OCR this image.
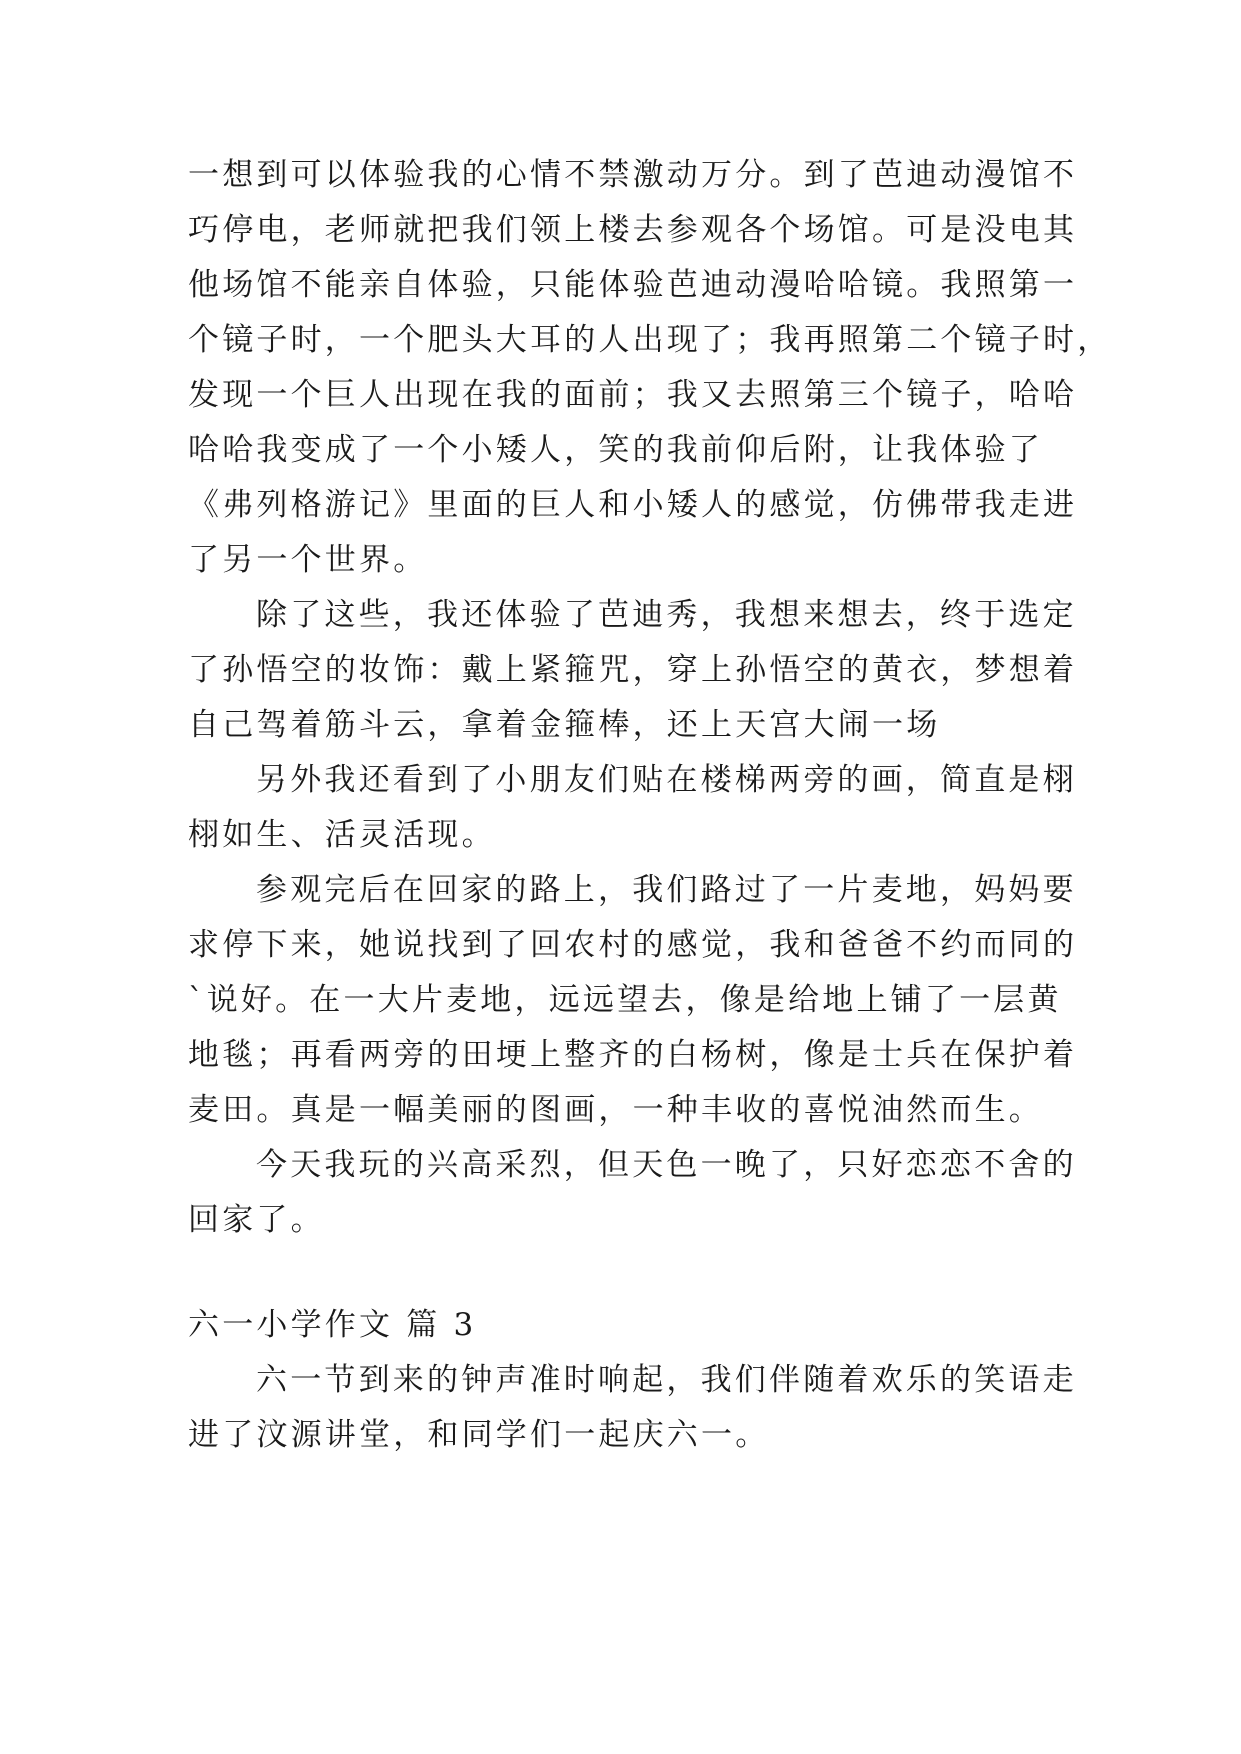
一想到可以体验我的心情不禁激动万分。到了芭迪动漫馆不
巧停电，老师就把我们领上楼去参观各个场馆。可是没电其
他场馆不能亲自体验，只能体验芭迪动漫哈哈镜。我照第一
个镜子时，一个肥头大耳的人出现了；我再照第二个镜子时，
发现一个巨人出现在我的面前；我又去照第三个镜子，哈哈
哈哈我变成了一个小矮人，笑的我前仰后附，让我体验了
《弗列格游记》里面的巨人和小矮人的感觉，仿佛带我走进
了另一个世界。
除了这些，我还体验了芭迪秀，我想来想去，终于选定
了孙悟空的妆饰：戴上紧箍咒，穿上孙悟空的黄衣，梦想着
自己驾着筋斗云，拿着金箍棒，还上天宫大闹一场
另外我还看到了小朋友们贴在楼梯两旁的画，简直是栩
栩如生、活灵活现。
参观完后在回家的路上，我们路过了一片麦地，妈妈要
求停下来，她说找到了回农村的感觉，我和爸爸不约而同的
`说好。在一大片麦地，远远望去，像是给地上铺了一层黄
地毯；再看两旁的田埂上整齐的白杨树，像是士兵在保护着
麦田。真是一幅美丽的图画，一种丰收的喜悦油然而生。
今天我玩的兴高采烈，但天色一晚了，只好恋恋不舍的
回家了。
六一小学作文 篇 3
六一节到来的钟声准时响起，我们伴随着欢乐的笑语走
进了汶源讲堂，和同学们一起庆六一。
